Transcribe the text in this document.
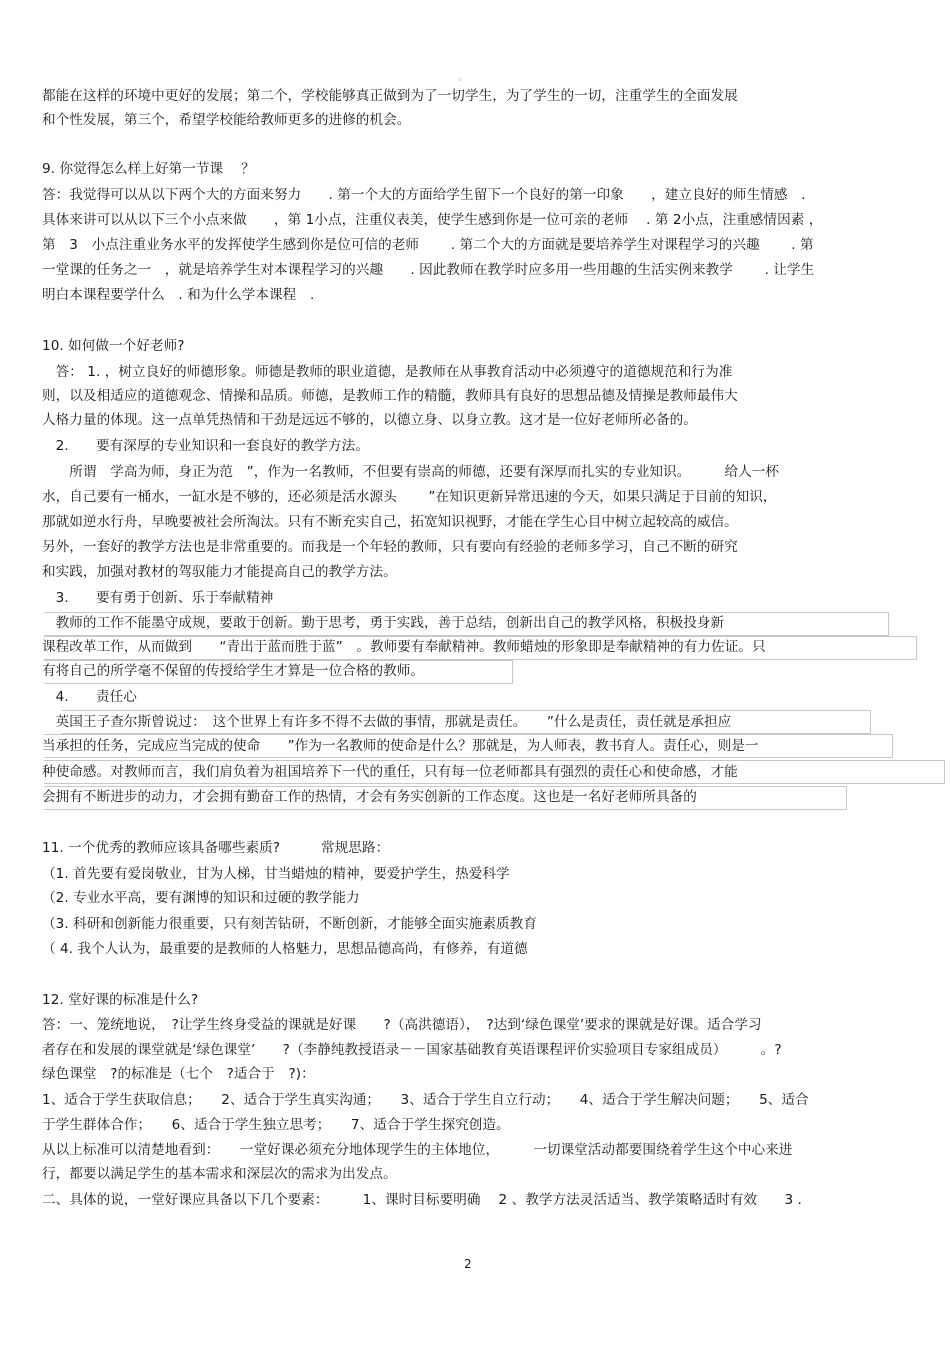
。
都能在这样的环境中更好的发展；第二个，学校能够真正做到为了一切学生，为了学生的一切，注重学生的全面发展
和个性发展，第三个，希望学校能给教师更多的进修的机会。
9. 你觉得怎么样上好第一节课　 ？
答：我觉得可以从以下两个大的方面来努力　　. 第一个大的方面给学生留下一个良好的第一印象　　，建立良好的师生情感　.
具体来讲可以从以下三个小点来做　　，第 1小点，注重仪表美，使学生感到你是一位可亲的老师　 . 第 2小点，注重感情因素 ，
第　3　小点注重业务水平的发挥使学生感到你是位可信的老师　　 . 第二个大的方面就是要培养学生对课程学习的兴趣　　 . 第
一堂课的任务之一　，就是培养学生对本课程学习的兴趣　　. 因此教师在教学时应多用一些用趣的生活实例来教学　　 . 让学生
明白本课程要学什么　. 和为什么学本课程　.
10. 如何做一个好老师?
　答： 1. ，树立良好的师德形象。师德是教师的职业道德，是教师在从事教育活动中必须遵守的道德规范和行为准
则，以及相适应的道德观念、情操和品质。师德，是教师工作的精髓，教师具有良好的思想品德及情操是教师最伟大
人格力量的体现。这一点单凭热情和干劲是远远不够的，以德立身、以身立教。这才是一位好老师所必备的。
　2.　　要有深厚的专业知识和一套良好的教学方法。
　　所谓　学高为师，身正为范　”，作为一名教师，不但要有崇高的师德，还要有深厚而扎实的专业知识。　　　给人一杯
水，自己要有一桶水，一缸水是不够的，还必须是活水源头　　 ”在知识更新异常迅速的今天，如果只满足于目前的知识，
那就如逆水行舟，早晚要被社会所淘汰。只有不断充实自己，拓宽知识视野，才能在学生心目中树立起较高的威信。
另外，一套好的教学方法也是非常重要的。而我是一个年轻的教师，只有要向有经验的老师多学习，自己不断的研究
和实践，加强对教材的驾驭能力才能提高自己的教学方法。
　3.　　要有勇于创新、乐于奉献精神
　教师的工作不能墨守成规，要敢于创新。勤于思考，勇于实践，善于总结，创新出自己的教学风格，积极投身新
课程改革工作，从而做到　　“青出于蓝而胜于蓝”　。教师要有奉献精神。教师蜡烛的形象即是奉献精神的有力佐证。只
有将自己的所学毫不保留的传授给学生才算是一位合格的教师。
　4.　　责任心
　英国王子查尔斯曾说过：　这个世界上有许多不得不去做的事情，那就是责任。　　”什么是责任，责任就是承担应
当承担的任务，完成应当完成的使命　　”作为一名教师的使命是什么？那就是，为人师表，教书育人。责任心，则是一
种使命感。对教师而言，我们肩负着为祖国培养下一代的重任，只有每一位老师都具有强烈的责任心和使命感，才能
会拥有不断进步的动力，才会拥有勤奋工作的热情，才会有务实创新的工作态度。这也是一名好老师所具备的
11. 一个优秀的教师应该具备哪些素质?　　　常规思路：
（1. 首先要有爱岗敬业，甘为人梯，甘当蜡烛的精神，要爱护学生，热爱科学
（2. 专业水平高，要有渊博的知识和过硬的教学能力
（3. 科研和创新能力很重要，只有刻苦钻研，不断创新，才能够全面实施素质教育
（ 4. 我个人认为，最重要的是教师的人格魅力，思想品德高尚，有修养，有道德
12. 堂好课的标准是什么?
答：一、笼统地说，　?让学生终身受益的课就是好课　　?（高洪德语），　?达到‘绿色课堂’要求的课就是好课。适合学习
者存在和发展的课堂就是‘绿色课堂’　　?（李静纯教授语录－－国家基础教育英语课程评价实验项目专家组成员）　　　。?
绿色课堂　?的标准是（七个　?适合于　?)：
1、适合于学生获取信息；　　2、适合于学生真实沟通；　　3、适合于学生自立行动；　　4、适合于学生解决问题；　　5、适合
于学生群体合作；　　6、适合于学生独立思考；　　7、适合于学生探究创造。
从以上标准可以清楚地看到：　　一堂好课必须充分地体现学生的主体地位，　　　一切课堂活动都要围绕着学生这个中心来进
行，都要以满足学生的基本需求和深层次的需求为出发点。
二、具体的说，一堂好课应具备以下几个要素：　　　1、课时目标要明确　 2 、教学方法灵活适当、教学策略适时有效　　3 .
2
